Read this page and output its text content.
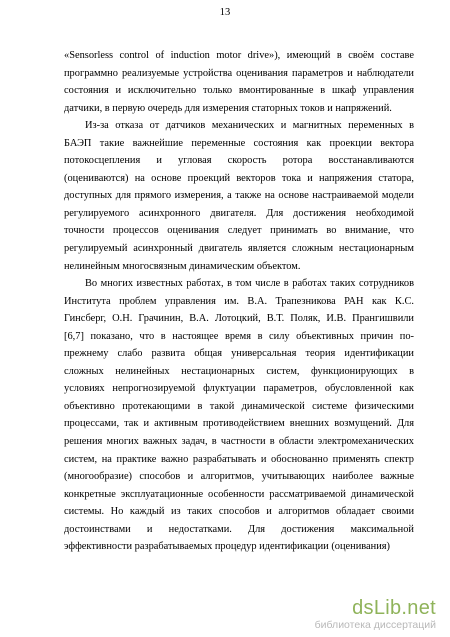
13

«Sensorless control of induction motor drive»), имеющий в своём составе
программно реализуемые устройства оценивания параметров и наблюдатели
состояния и исключительно только вмонтированные в шкаф управления
датчики, в первую очередь для измерения статорных токов и напряжений.

Из-за отказа от датчиков механических и магнитных переменных в
БАЭП такие важнейшие переменные состояния как проекции вектора
потокосцепления и угловая скорость ротора восстанавливаются
(оцениваются) на основе проекций векторов тока и напряжения статора,
доступных для прямого измерения, а также на основе настраиваемой модели
регулируемого асинхронного двигателя. Для достижения необходимой
точности процессов оценивания следует принимать во внимание, что
регулируемый асинхронный двигатель является сложным нестационарным
нелинейным многосвязным динамическим объектом.

Во многих известных работах, в том числе в работах таких сотрудников
Института проблем управления им. В.А. Трапезникова РАН как К.С.
Гинсберг, О.Н. Грачинин, В.А. Лотоцкий, В.Т. Поляк, И.В. Прангишвили
[6,7] показано, что в настоящее время в силу объективных причин по-
прежнему слабо развита общая универсальная теория идентификации
сложных нелинейных нестационарных систем, функционирующих в
условиях непрогнозируемой флуктуации параметров, обусловленной как
объективно протекающими в такой динамической системе физическими
процессами, так и активным противодействием внешних возмущений. Для
решения многих важных задач, в частности в области электромеханических
систем, на практике важно разрабатывать и обоснованно применять спектр
(многообразие) способов и алгоритмов, учитывающих наиболее важные
конкретные эксплуатационные особенности рассматриваемой динамической
системы. Но каждый из таких способов и алгоритмов обладает своими
достоинствами и недостатками. Для достижения максимальной
эффективности разрабатываемых процедур идентификации (оценивания)

dsLib.net
библиотека диссертаций
